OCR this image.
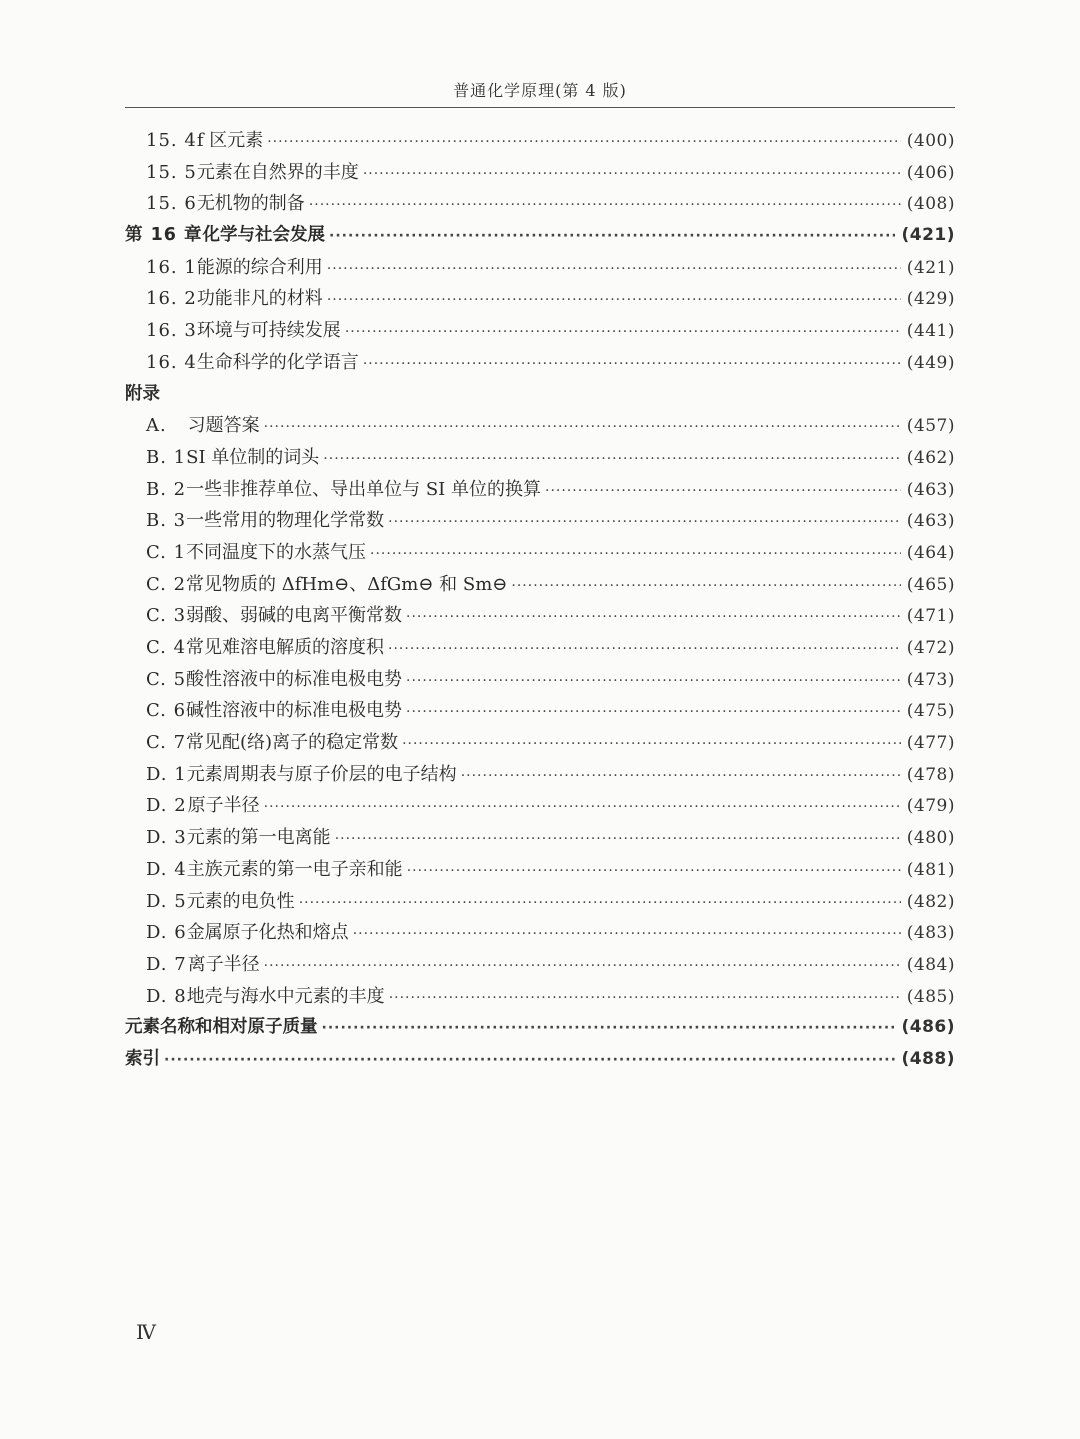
普通化学原理(第 4 版)
15. 4 f 区元素 ·····	(400)
15. 5 元素在自然界的丰度 ·····	(406)
15. 6 无机物的制备 ·····	(408)
第 16 章 化学与社会发展 ·····	(421)
16. 1 能源的综合利用 ·····	(421)
16. 2 功能非凡的材料 ·····	(429)
16. 3 环境与可持续发展 ·····	(441)
16. 4 生命科学的化学语言 ·····	(449)
附录
A.	习题答案 ·····	(457)
B. 1 SI 单位制的词头 ·····	(462)
B. 2 一些非推荐单位、导出单位与 SI 单位的换算 ·····	(463)
B. 3 一些常用的物理化学常数 ·····	(463)
C. 1 不同温度下的水蒸气压 ·····	(464)
C. 2 常见物质的 ΔfHm⊖、ΔfGm⊖ 和 Sm⊖ ·····	(465)
C. 3 弱酸、弱碱的电离平衡常数 ·····	(471)
C. 4 常见难溶电解质的溶度积 ·····	(472)
C. 5 酸性溶液中的标准电极电势 ·····	(473)
C. 6 碱性溶液中的标准电极电势 ·····	(475)
C. 7 常见配(络)离子的稳定常数 ·····	(477)
D. 1 元素周期表与原子价层的电子结构 ·····	(478)
D. 2 原子半径 ·····	(479)
D. 3 元素的第一电离能 ·····	(480)
D. 4 主族元素的第一电子亲和能 ·····	(481)
D. 5 元素的电负性 ·····	(482)
D. 6 金属原子化热和熔点 ·····	(483)
D. 7 离子半径 ·····	(484)
D. 8 地壳与海水中元素的丰度 ·····	(485)
元素名称和相对原子质量 ·····	(486)
索引 ·····	(488)
Ⅳ
